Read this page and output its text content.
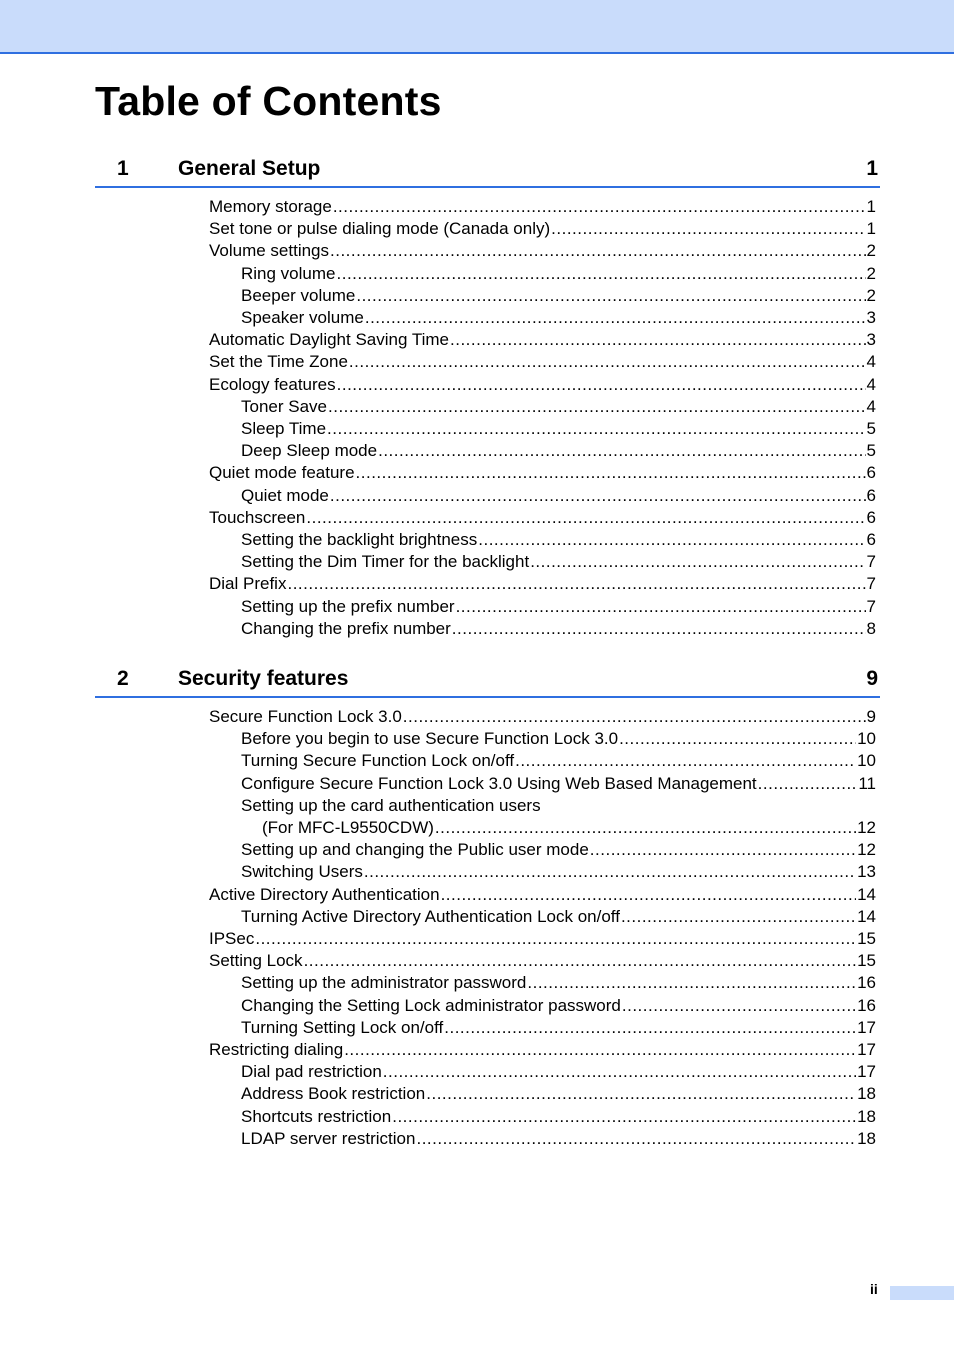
Table of Contents
1 General Setup	1
Memory storage .....	1
Set tone or pulse dialing mode (Canada only) .....	1
Volume settings .....	2
Ring volume .....	2
Beeper volume .....	2
Speaker volume .....	3
Automatic Daylight Saving Time .....	3
Set the Time Zone .....	4
Ecology features .....	4
Toner Save .....	4
Sleep Time .....	5
Deep Sleep mode .....	5
Quiet mode feature .....	6
Quiet mode .....	6
Touchscreen .....	6
Setting the backlight brightness .....	6
Setting the Dim Timer for the backlight .....	7
Dial Prefix .....	7
Setting up the prefix number .....	7
Changing the prefix number .....	8
2 Security features	9
Secure Function Lock 3.0 .....	9
Before you begin to use Secure Function Lock 3.0 .....	10
Turning Secure Function Lock on/off .....	10
Configure Secure Function Lock 3.0 Using Web Based Management .....	11
Setting up the card authentication users
(For MFC-L9550CDW) .....	12
Setting up and changing the Public user mode .....	12
Switching Users .....	13
Active Directory Authentication .....	14
Turning Active Directory Authentication Lock on/off .....	14
IPSec .....	15
Setting Lock .....	15
Setting up the administrator password .....	16
Changing the Setting Lock administrator password .....	16
Turning Setting Lock on/off .....	17
Restricting dialing .....	17
Dial pad restriction .....	17
Address Book restriction .....	18
Shortcuts restriction .....	18
LDAP server restriction .....	18
ii
